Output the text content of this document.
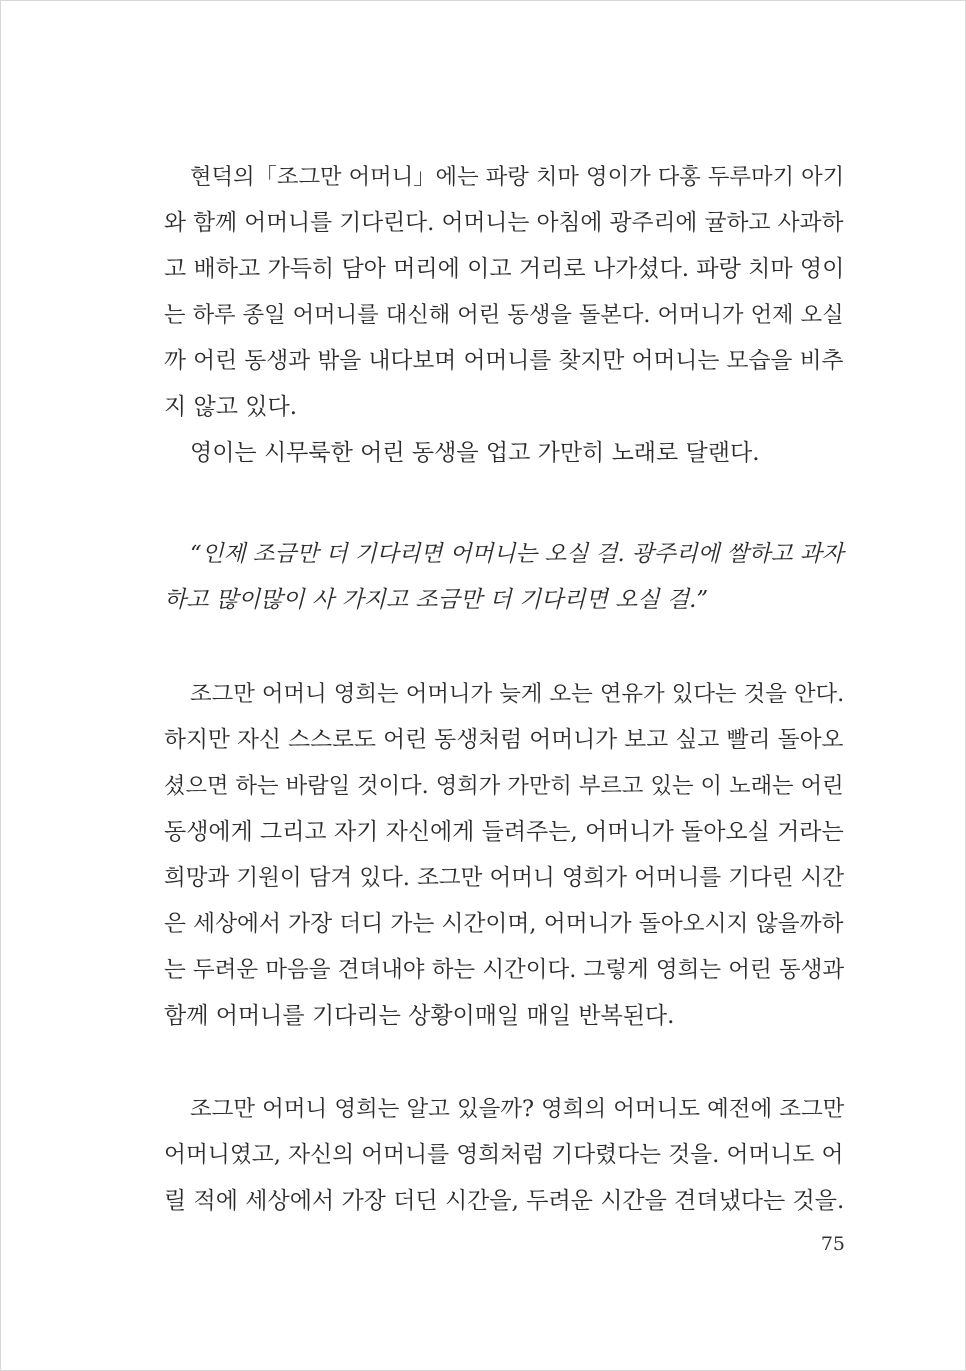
현덕의「조그만 어머니」에는 파랑 치마 영이가 다홍 두루마기 아기
와 함께 어머니를 기다린다. 어머니는 아침에 광주리에 귤하고 사과하
고 배하고 가득히 담아 머리에 이고 거리로 나가셨다. 파랑 치마 영이
는 하루 종일 어머니를 대신해 어린 동생을 돌본다. 어머니가 언제 오실
까 어린 동생과 밖을 내다보며 어머니를 찾지만 어머니는 모습을 비추
지 않고 있다.
영이는 시무룩한 어린 동생을 업고 가만히 노래로 달랜다.
“인제 조금만 더 기다리면 어머니는 오실 걸. 광주리에 쌀하고 과자
하고 많이많이 사 가지고 조금만 더 기다리면 오실 걸.”
조그만 어머니 영희는 어머니가 늦게 오는 연유가 있다는 것을 안다.
하지만 자신 스스로도 어린 동생처럼 어머니가 보고 싶고 빨리 돌아오
셨으면 하는 바람일 것이다. 영희가 가만히 부르고 있는 이 노래는 어린
동생에게 그리고 자기 자신에게 들려주는, 어머니가 돌아오실 거라는
희망과 기원이 담겨 있다. 조그만 어머니 영희가 어머니를 기다린 시간
은 세상에서 가장 더디 가는 시간이며, 어머니가 돌아오시지 않을까하
는 두려운 마음을 견뎌내야 하는 시간이다. 그렇게 영희는 어린 동생과
함께 어머니를 기다리는 상황이매일 매일 반복된다.
조그만 어머니 영희는 알고 있을까? 영희의 어머니도 예전에 조그만
어머니였고, 자신의 어머니를 영희처럼 기다렸다는 것을. 어머니도 어
릴 적에 세상에서 가장 더딘 시간을, 두려운 시간을 견뎌냈다는 것을.
75
